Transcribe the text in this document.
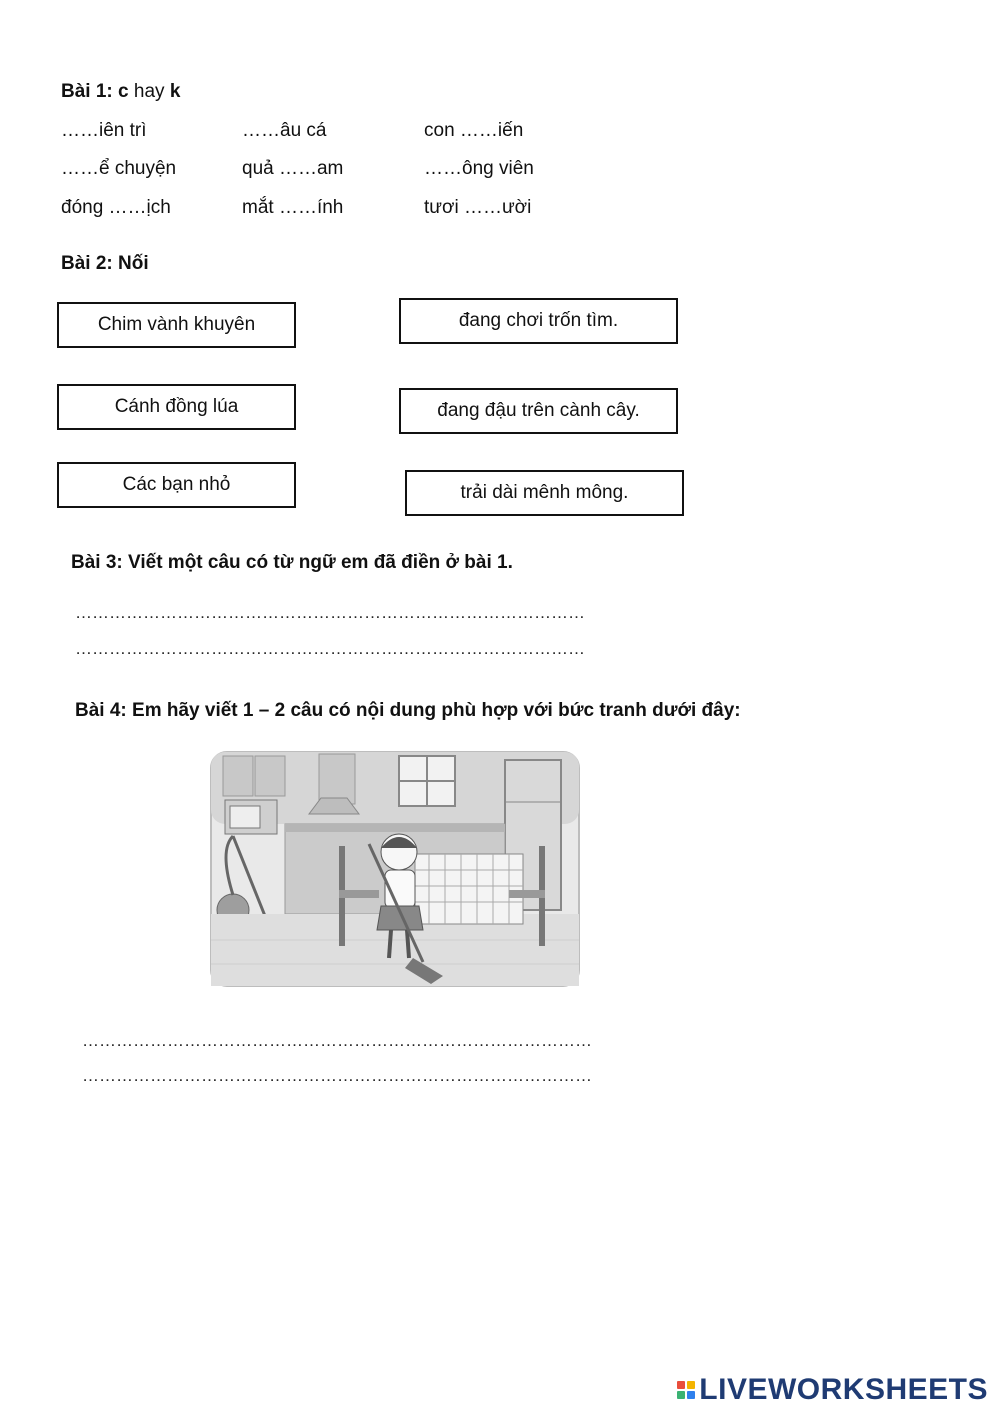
Bài 1: c hay k
……iên trì	……âu cá	con ……iến
……ể chuyện	quả ……am	……ông viên
đóng ……ịch	mắt ……ính	tươi ……ười
Bài 2: Nối
Chim vành khuyên
Cánh đồng lúa
Các bạn nhỏ
đang chơi trốn tìm.
đang đậu trên cành cây.
trải dài mênh mông.
Bài 3: Viết một câu có từ ngữ em đã điền ở bài 1.
………………………………………………………………………………
………………………………………………………………………………
Bài 4: Em hãy viết 1 – 2 câu có nội dung phù hợp với bức tranh dưới đây:
………………………………………………………………………………
………………………………………………………………………………
LIVEWORKSHEETS
